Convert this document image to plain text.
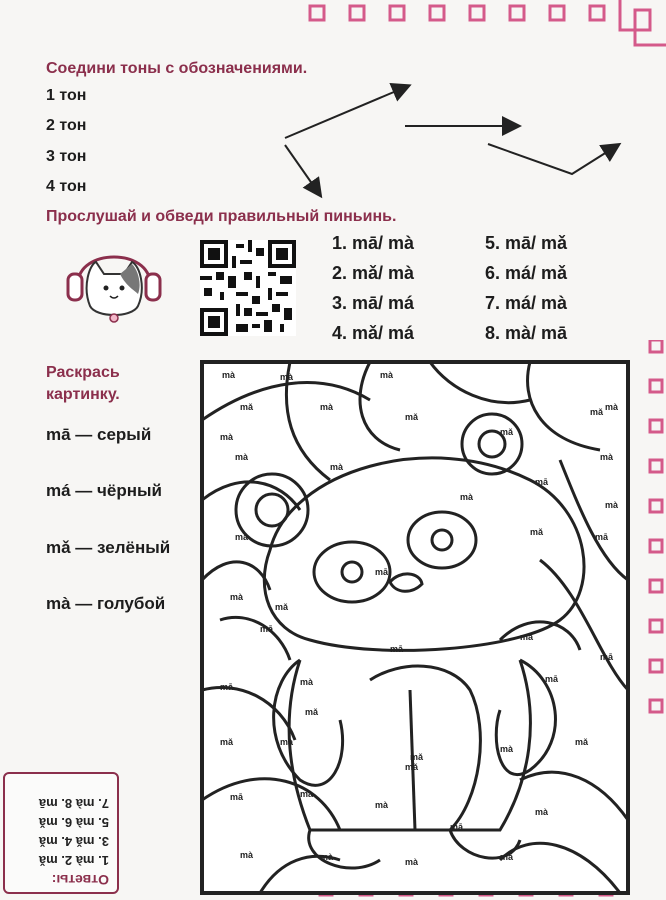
Соедини тоны с обозначениями.
1 тон
2 тон
3 тон
4 тон
Прослушай и обведи правильный пиньинь.
1. mā/ mà
2. mǎ/ mà
3. mā/ má
4. mǎ/ má
5. mā/ mǎ
6. má/ mǎ
7. má/ mà
8. mà/ mā
Раскрась
картинку.
mā — серый
má — чёрный
mǎ — зелёный
mà — голубой
mà	mà	mà
mǎ	mà
mǎ
mà	mǎ
mà
mǎ
mà
mà
mā
mà
mà
mà
mǎ
mā
mā	mā
mà
mǎ
mā
mā
mā
mā
mā
mà
mā
mǎ	mà
mǎ
mǎ
mà
mǎ
mā	mà
mà
mǎ
mà
mā
mà	mà	mà	mā
Ответы:
1. mà 2. mǎ
3. mǎ 4. mǎ
5. mà 6. mǎ
7. mà 8. mā
